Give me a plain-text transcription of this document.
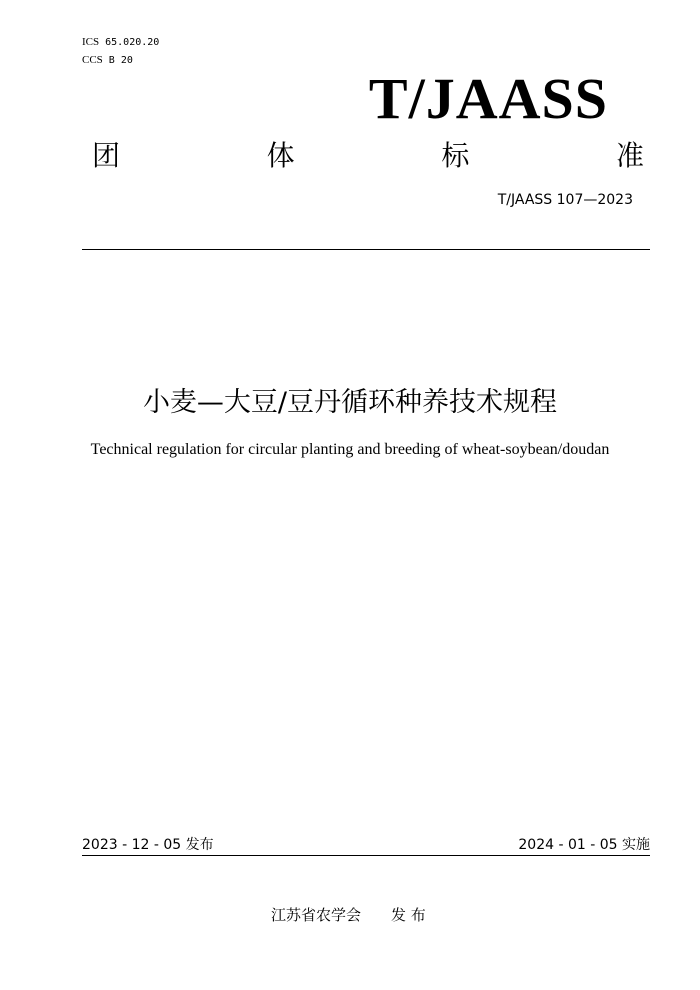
ICS 65.020.20
CCS B 20
T/JAASS
团	体	标	准
T/JAASS 107—2023
小麦—大豆/豆丹循环种养技术规程
Technical regulation for circular planting and breeding of wheat-soybean/doudan
2023 - 12 - 05 发布	2024 - 01 - 05 实施
江苏省农学会 发 布
